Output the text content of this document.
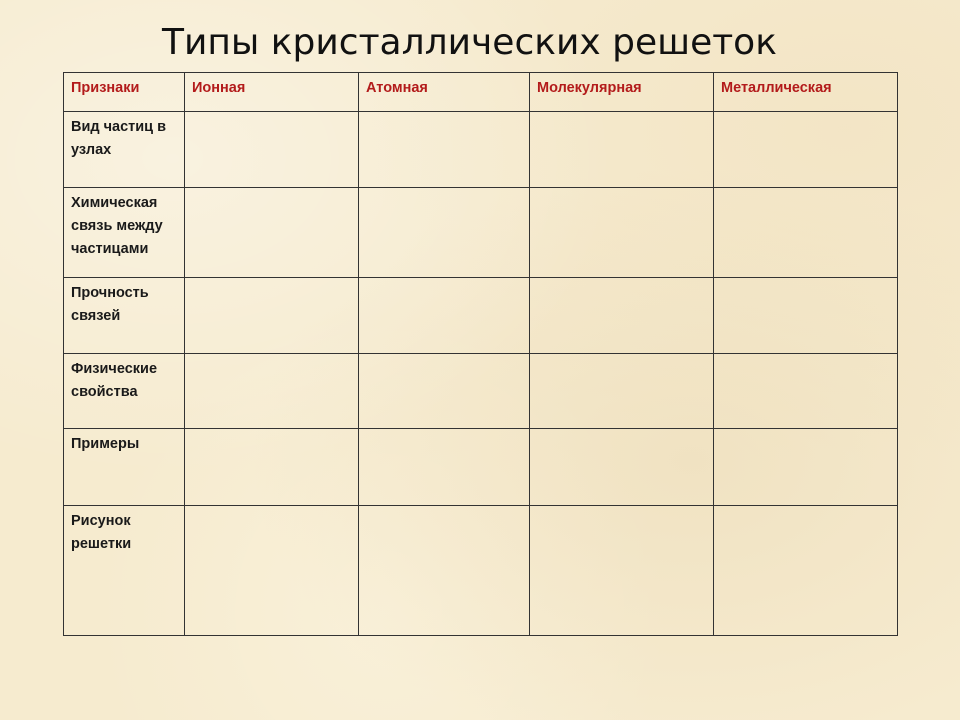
Типы кристаллических решеток
Признаки	Ионная	Атомная	Молекулярная	Металлическая
Вид частиц в узлах				
Химическая связь между частицами				
Прочность связей				
Физические свойства				
Примеры				
Рисунок решетки				
